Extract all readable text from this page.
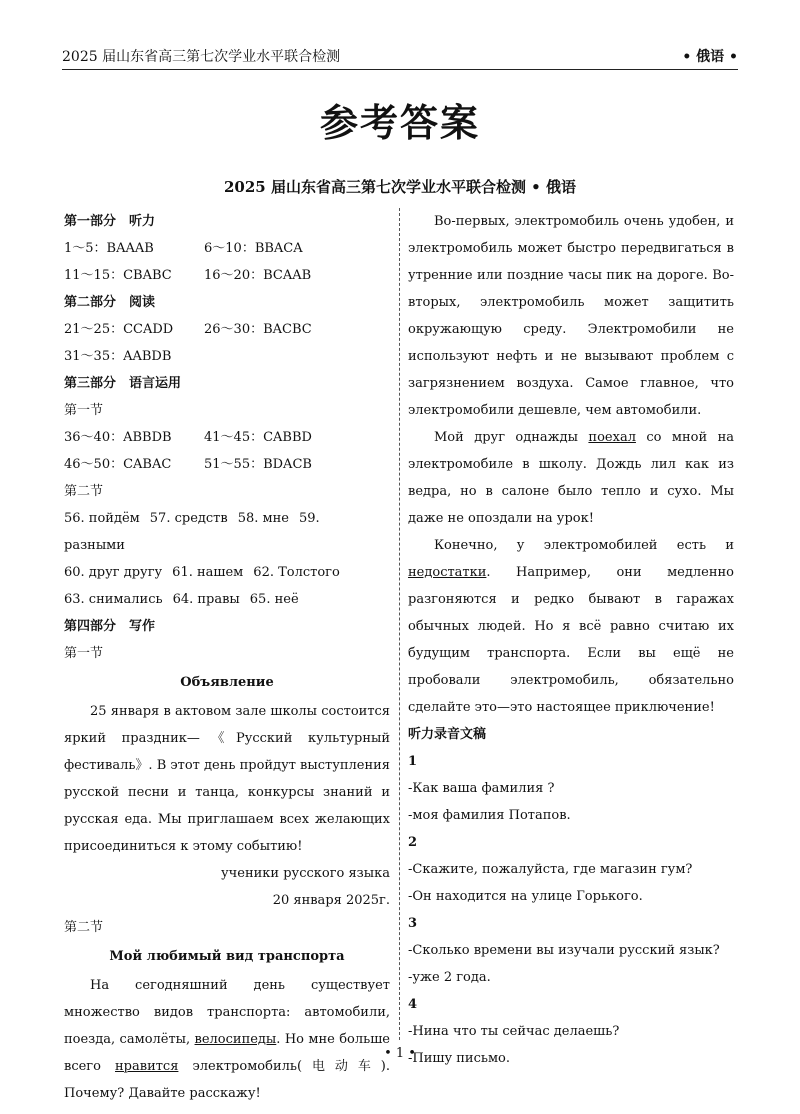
2025 届山东省高三第七次学业水平联合检测	• 俄语 •
参考答案
2025 届山东省高三第七次学业水平联合检测 • 俄语
第一部分　听力
1～5：BAAAB	6～10：BBACA
11～15：CBABC	16～20：BCAAB
第二部分　阅读
21～25：CCADD	26～30：BACBC
31～35：AABDB
第三部分　语言运用
第一节
36～40：ABBDB	41～45：CABBD
46～50：CABAC	51～55：BDACB
第二节
56. пойдём 57. средств 58. мне 59. разными
60. друг другу 61. нашем 62. Толстого
63. снимались 64. правы 65. неё
第四部分　写作
第一节
Объявление

25 января в актовом зале школы состоится яркий праздник—《Русский культурный фестиваль》. В этот день пройдут выступления русской песни и танца, конкурсы знаний и русская еда. Мы приглашаем всех желающих присоединиться к этому событию!

ученики русского языка

20 января 2025г.

第二节
Мой любимый вид транспорта

На сегодняшний день существует множество видов транспорта: автомобили, поезда, самолёты, велосипеды. Но мне больше всего нравится электромобиль(电动车). Почему? Давайте расскажу!

Во-первых, электромобиль очень удобен, и электромобиль может быстро передвигаться в утренние или поздние часы пик на дороге. Во-вторых, электромобиль может защитить окружающую среду. Электромобили не используют нефть и не вызывают проблем с загрязнением воздуха. Самое главное, что электромобили дешевле, чем автомобили.

Мой друг однажды поехал со мной на электромобиле в школу. Дождь лил как из ведра, но в салоне было тепло и сухо. Мы даже не опоздали на урок!

Конечно, у электромобилей есть и недостатки. Например, они медленно разгоняются и редко бывают в гаражах обычных людей. Но я всё равно считаю их будущим транспорта. Если вы ещё не пробовали электромобиль, обязательно сделайте это—это настоящее приключение!

听力录音文稿
1
-Как ваша фамилия ?
-моя фамилия Потапов.
2
-Скажите, пожалуйста, где магазин гум?
-Он находится на улице Горького.
3
-Сколько времени вы изучали русский язык?
-уже 2 года.
4
-Нина что ты сейчас делаешь?
-Пишу письмо.
• 1 •
